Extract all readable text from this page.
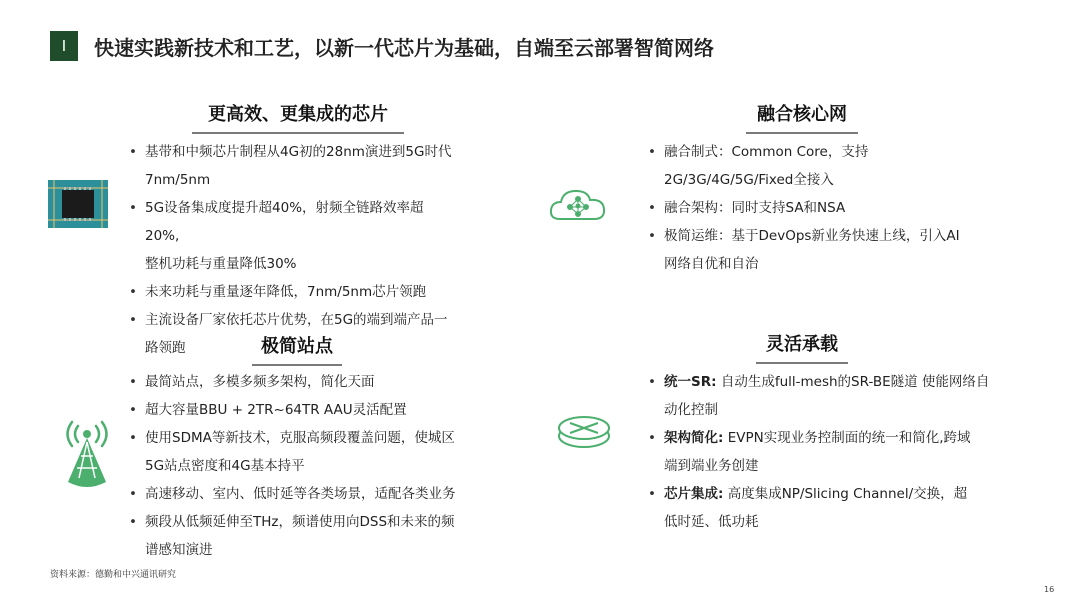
I	快速实践新技术和工艺，以新一代芯片为基础，自端至云部署智简网络
更高效、更集成的芯片
• 基带和中频芯片制程从4G初的28nm演进到5G时代
7nm/5nm
• 5G设备集成度提升超40%，射频全链路效率超
20%,
整机功耗与重量降低30%
• 未来功耗与重量逐年降低，7nm/5nm芯片领跑
• 主流设备厂家依托芯片优势，在5G的端到端产品一
路领跑
融合核心网
• 融合制式：Common Core，支持
2G/3G/4G/5G/Fixed全接入
• 融合架构：同时支持SA和NSA
• 极简运维：基于DevOps新业务快速上线，引入AI
网络自优和自治
极简站点
• 最简站点，多模多频多架构，简化天面
• 超大容量BBU + 2TR~64TR AAU灵活配置
• 使用SDMA等新技术，克服高频段覆盖问题，使城区
5G站点密度和4G基本持平
• 高速移动、室内、低时延等各类场景，适配各类业务
• 频段从低频延伸至THz，频谱使用向DSS和未来的频
谱感知演进
灵活承载
• 统一SR: 自动生成full-mesh的SR-BE隧道 使能网络自
动化控制
• 架构简化: EVPN实现业务控制面的统一和简化,跨域
端到端业务创建
• 芯片集成: 高度集成NP/Slicing Channel/交换，超
低时延、低功耗
资料来源：德勤和中兴通讯研究
16
